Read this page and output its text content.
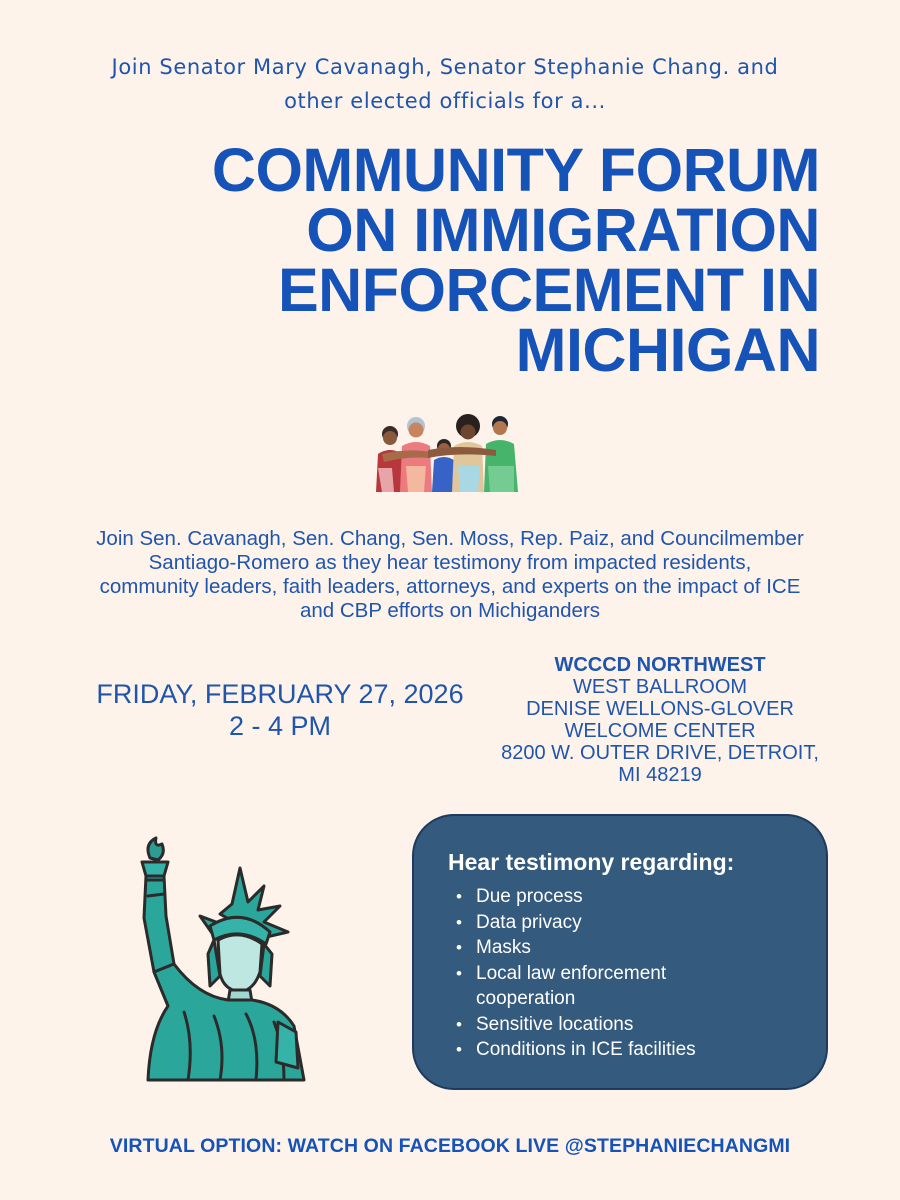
Join Senator Mary Cavanagh, Senator Stephanie Chang. and
other elected officials for a...
COMMUNITY FORUM
ON IMMIGRATION
ENFORCEMENT IN
MICHIGAN
Join Sen. Cavanagh, Sen. Chang, Sen. Moss, Rep. Paiz, and Councilmember
Santiago-Romero as they hear testimony from impacted residents,
community leaders, faith leaders, attorneys, and experts on the impact of ICE
and CBP efforts on Michiganders
FRIDAY, FEBRUARY 27, 2026
2 - 4 PM
WCCCD NORTHWEST
WEST BALLROOM
DENISE WELLONS-GLOVER
WELCOME CENTER
8200 W. OUTER DRIVE, DETROIT,
MI 48219
Hear testimony regarding:
• Due process
• Data privacy
• Masks
• Local law enforcement
cooperation
• Sensitive locations
• Conditions in ICE facilities
VIRTUAL OPTION: WATCH ON FACEBOOK LIVE @STEPHANIECHANGMI
